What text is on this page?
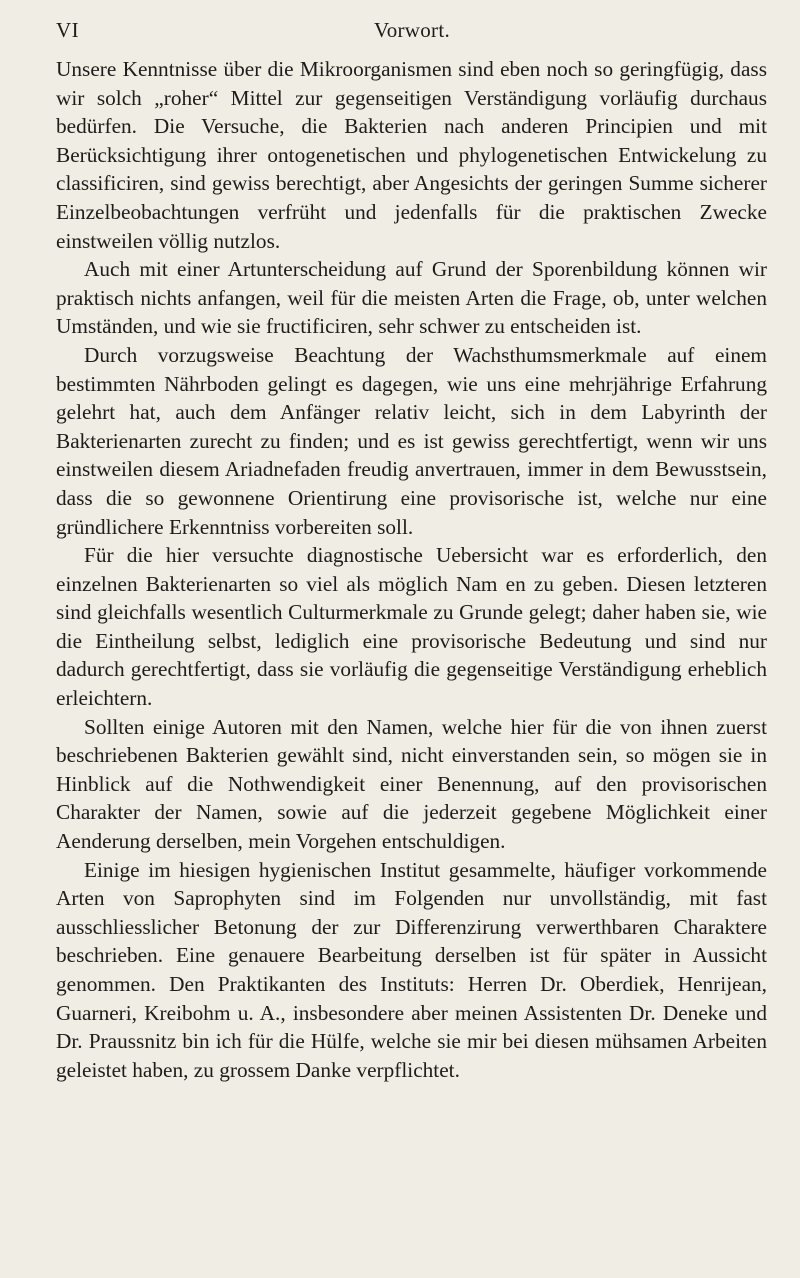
VI	Vorwort.

Unsere Kenntnisse über die Mikroorganismen sind eben noch so geringfügig, dass wir solch „roher“ Mittel zur gegenseitigen Verständigung vorläufig durchaus bedürfen. Die Versuche, die Bakterien nach anderen Principien und mit Berücksichtigung ihrer ontogenetischen und phylogenetischen Entwickelung zu classificiren, sind gewiss berechtigt, aber Angesichts der geringen Summe sicherer Einzelbeobachtungen verfrüht und jedenfalls für die praktischen Zwecke einstweilen völlig nutzlos.

Auch mit einer Artunterscheidung auf Grund der Sporenbildung können wir praktisch nichts anfangen, weil für die meisten Arten die Frage, ob, unter welchen Umständen, und wie sie fructificiren, sehr schwer zu entscheiden ist.

Durch vorzugsweise Beachtung der Wachsthumsmerkmale auf einem bestimmten Nährboden gelingt es dagegen, wie uns eine mehrjährige Erfahrung gelehrt hat, auch dem Anfänger relativ leicht, sich in dem Labyrinth der Bakterienarten zurecht zu finden; und es ist gewiss gerechtfertigt, wenn wir uns einstweilen diesem Ariadnefaden freudig anvertrauen, immer in dem Bewusstsein, dass die so gewonnene Orientirung eine provisorische ist, welche nur eine gründlichere Erkenntniss vorbereiten soll.

Für die hier versuchte diagnostische Uebersicht war es erforderlich, den einzelnen Bakterienarten so viel als möglich Nam en zu geben. Diesen letzteren sind gleichfalls wesentlich Culturmerkmale zu Grunde gelegt; daher haben sie, wie die Eintheilung selbst, lediglich eine provisorische Bedeutung und sind nur dadurch gerechtfertigt, dass sie vorläufig die gegenseitige Verständigung erheblich erleichtern.

Sollten einige Autoren mit den Namen, welche hier für die von ihnen zuerst beschriebenen Bakterien gewählt sind, nicht einverstanden sein, so mögen sie in Hinblick auf die Nothwendigkeit einer Benennung, auf den provisorischen Charakter der Namen, sowie auf die jederzeit gegebene Möglichkeit einer Aenderung derselben, mein Vorgehen entschuldigen.

Einige im hiesigen hygienischen Institut gesammelte, häufiger vorkommende Arten von Saprophyten sind im Folgenden nur unvollständig, mit fast ausschliesslicher Betonung der zur Differenzirung verwerthbaren Charaktere beschrieben. Eine genauere Bearbeitung derselben ist für später in Aussicht genommen. Den Praktikanten des Instituts: Herren Dr. Oberdiek, Henrijean, Guarneri, Kreibohm u. A., insbesondere aber meinen Assistenten Dr. Deneke und Dr. Praussnitz bin ich für die Hülfe, welche sie mir bei diesen mühsamen Arbeiten geleistet haben, zu grossem Danke verpflichtet.
